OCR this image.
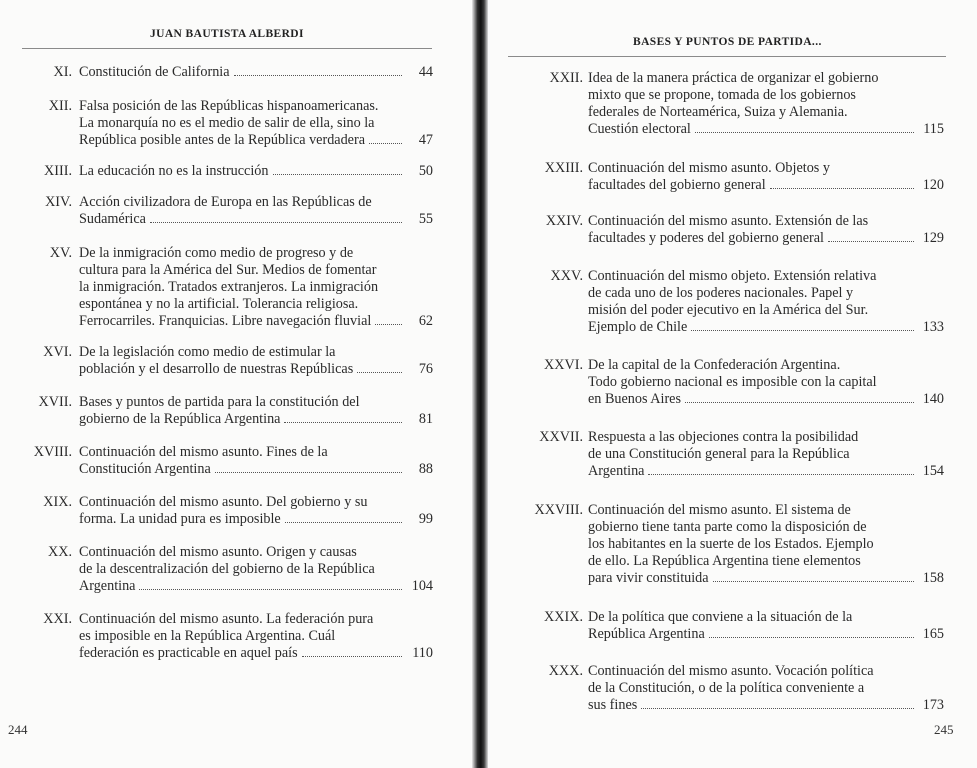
JUAN BAUTISTA ALBERDI
XI. Constitución de California	44
XII. Falsa posición de las Repúblicas hispanoamericanas.
La monarquía no es el medio de salir de ella, sino la
República posible antes de la República verdadera	47
XIII. La educación no es la instrucción	50
XIV. Acción civilizadora de Europa en las Repúblicas de
Sudamérica	55
XV. De la inmigración como medio de progreso y de
cultura para la América del Sur. Medios de fomentar
la inmigración. Tratados extranjeros. La inmigración
espontánea y no la artificial. Tolerancia religiosa.
Ferrocarriles. Franquicias. Libre navegación fluvial	62
XVI. De la legislación como medio de estimular la
población y el desarrollo de nuestras Repúblicas	76
XVII. Bases y puntos de partida para la constitución del
gobierno de la República Argentina	81
XVIII. Continuación del mismo asunto. Fines de la
Constitución Argentina	88
XIX. Continuación del mismo asunto. Del gobierno y su
forma. La unidad pura es imposible	99
XX. Continuación del mismo asunto. Origen y causas
de la descentralización del gobierno de la República
Argentina	104
XXI. Continuación del mismo asunto. La federación pura
es imposible en la República Argentina. Cuál
federación es practicable en aquel país	110
244
BASES Y PUNTOS DE PARTIDA...
XXII. Idea de la manera práctica de organizar el gobierno
mixto que se propone, tomada de los gobiernos
federales de Norteamérica, Suiza y Alemania.
Cuestión electoral	115
XXIII. Continuación del mismo asunto. Objetos y
facultades del gobierno general	120
XXIV. Continuación del mismo asunto. Extensión de las
facultades y poderes del gobierno general	129
XXV. Continuación del mismo objeto. Extensión relativa
de cada uno de los poderes nacionales. Papel y
misión del poder ejecutivo en la América del Sur.
Ejemplo de Chile	133
XXVI. De la capital de la Confederación Argentina.
Todo gobierno nacional es imposible con la capital
en Buenos Aires	140
XXVII. Respuesta a las objeciones contra la posibilidad
de una Constitución general para la República
Argentina	154
XXVIII. Continuación del mismo asunto. El sistema de
gobierno tiene tanta parte como la disposición de
los habitantes en la suerte de los Estados. Ejemplo
de ello. La República Argentina tiene elementos
para vivir constituida	158
XXIX. De la política que conviene a la situación de la
República Argentina	165
XXX. Continuación del mismo asunto. Vocación política
de la Constitución, o de la política conveniente a
sus fines	173
245
